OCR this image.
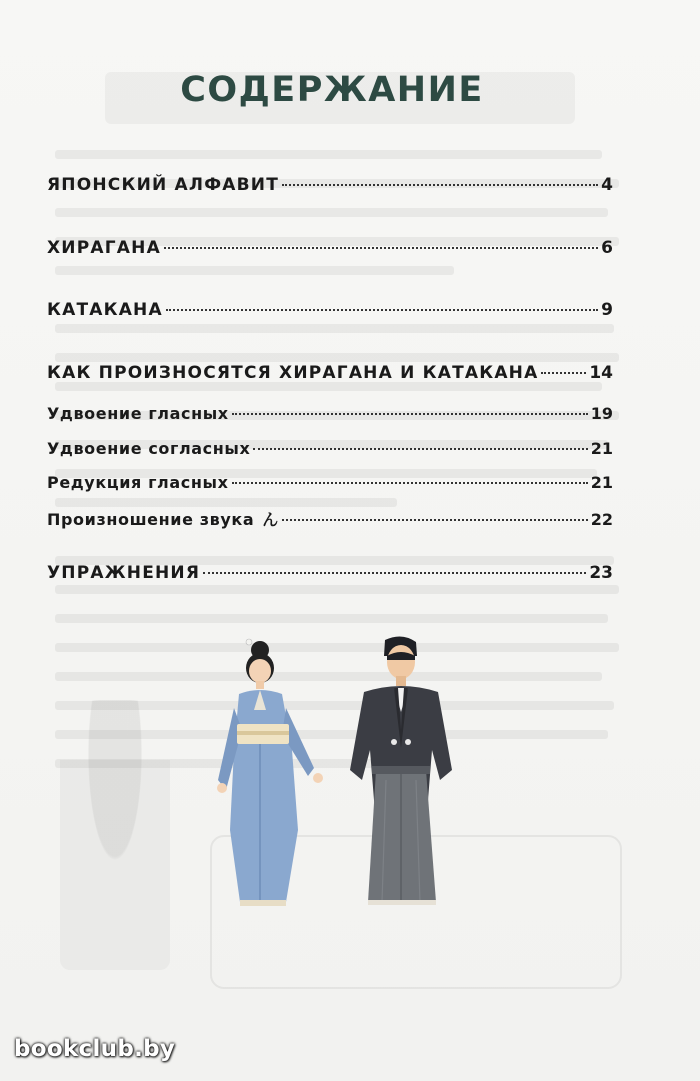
СОДЕРЖАНИЕ
ЯПОНСКИЙ АЛФАВИТ	4
ХИРАГАНА	6
КАТАКАНА	9
КАК ПРОИЗНОСЯТСЯ ХИРАГАНА И КАТАКАНА	14
Удвоение гласных	19
Удвоение согласных	21
Редукция гласных	21
Произношение звука ん	22
УПРАЖНЕНИЯ	23
bookclub.by
